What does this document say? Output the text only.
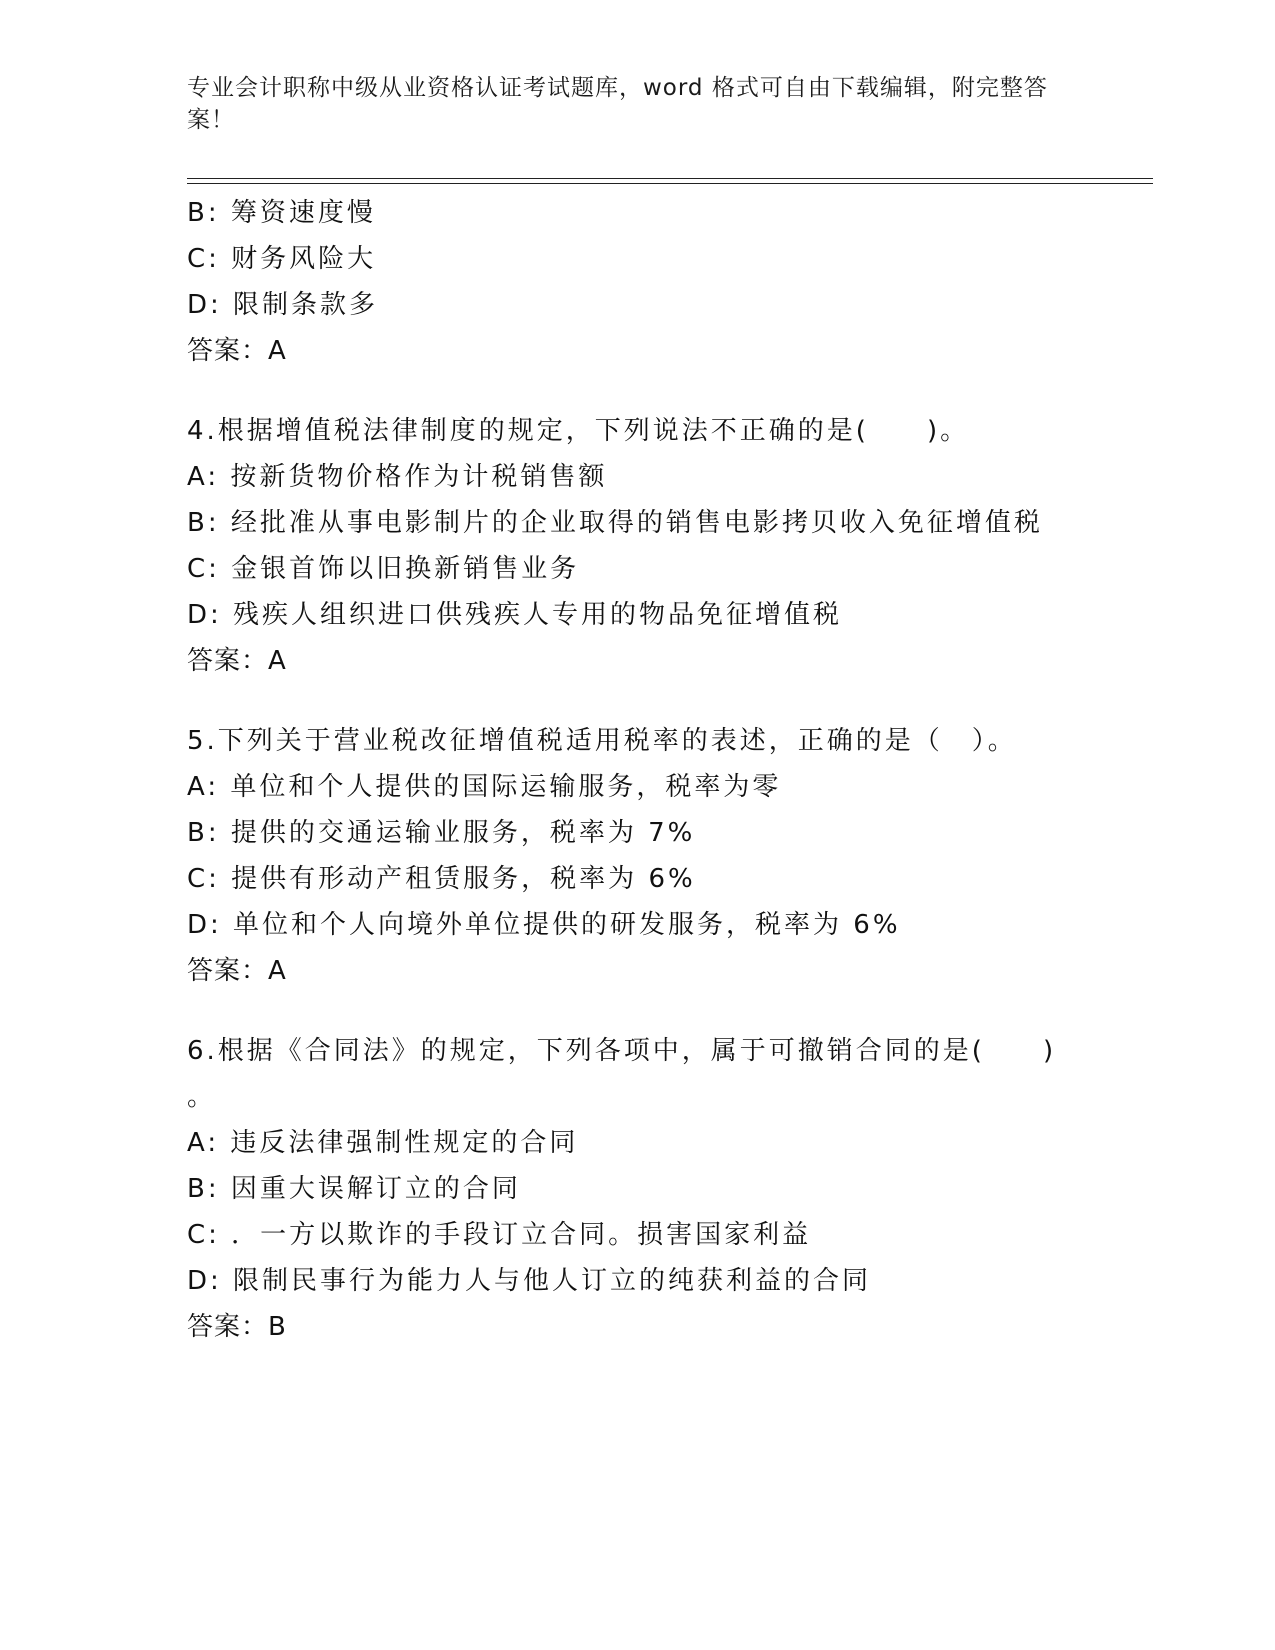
专业会计职称中级从业资格认证考试题库，word 格式可自由下载编辑，附完整答
案！
B: 筹资速度慢
C: 财务风险大
D: 限制条款多
答案：A
4.根据增值税法律制度的规定，下列说法不正确的是(　　)。
A: 按新货物价格作为计税销售额
B: 经批准从事电影制片的企业取得的销售电影拷贝收入免征增值税
C: 金银首饰以旧换新销售业务
D: 残疾人组织进口供残疾人专用的物品免征增值税
答案：A
5.下列关于营业税改征增值税适用税率的表述，正确的是（　）。
A: 单位和个人提供的国际运输服务，税率为零
B: 提供的交通运输业服务，税率为 7%
C: 提供有形动产租赁服务，税率为 6%
D: 单位和个人向境外单位提供的研发服务，税率为 6%
答案：A
6.根据《合同法》的规定，下列各项中，属于可撤销合同的是(　　)
。
A: 违反法律强制性规定的合同
B: 因重大误解订立的合同
C: ．一方以欺诈的手段订立合同。损害国家利益
D: 限制民事行为能力人与他人订立的纯获利益的合同
答案：B
